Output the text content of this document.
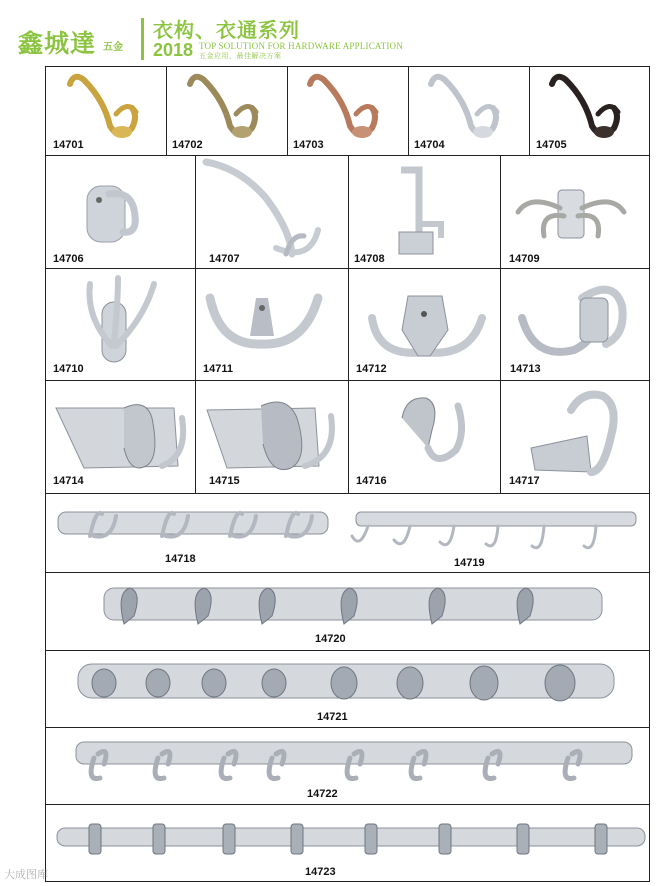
鑫城達 五金
衣构、衣通系列
2018 TOP SOLUTION FOR HARDWARE APPLICATION
五金应用，最佳解决方案
14701	14702	14703	14704	14705
14706	14707	14708	14709
14710	14711	14712	14713
14714	14715	14716	14717
14718	14719
14720
14721
14722
14723
大成图库
